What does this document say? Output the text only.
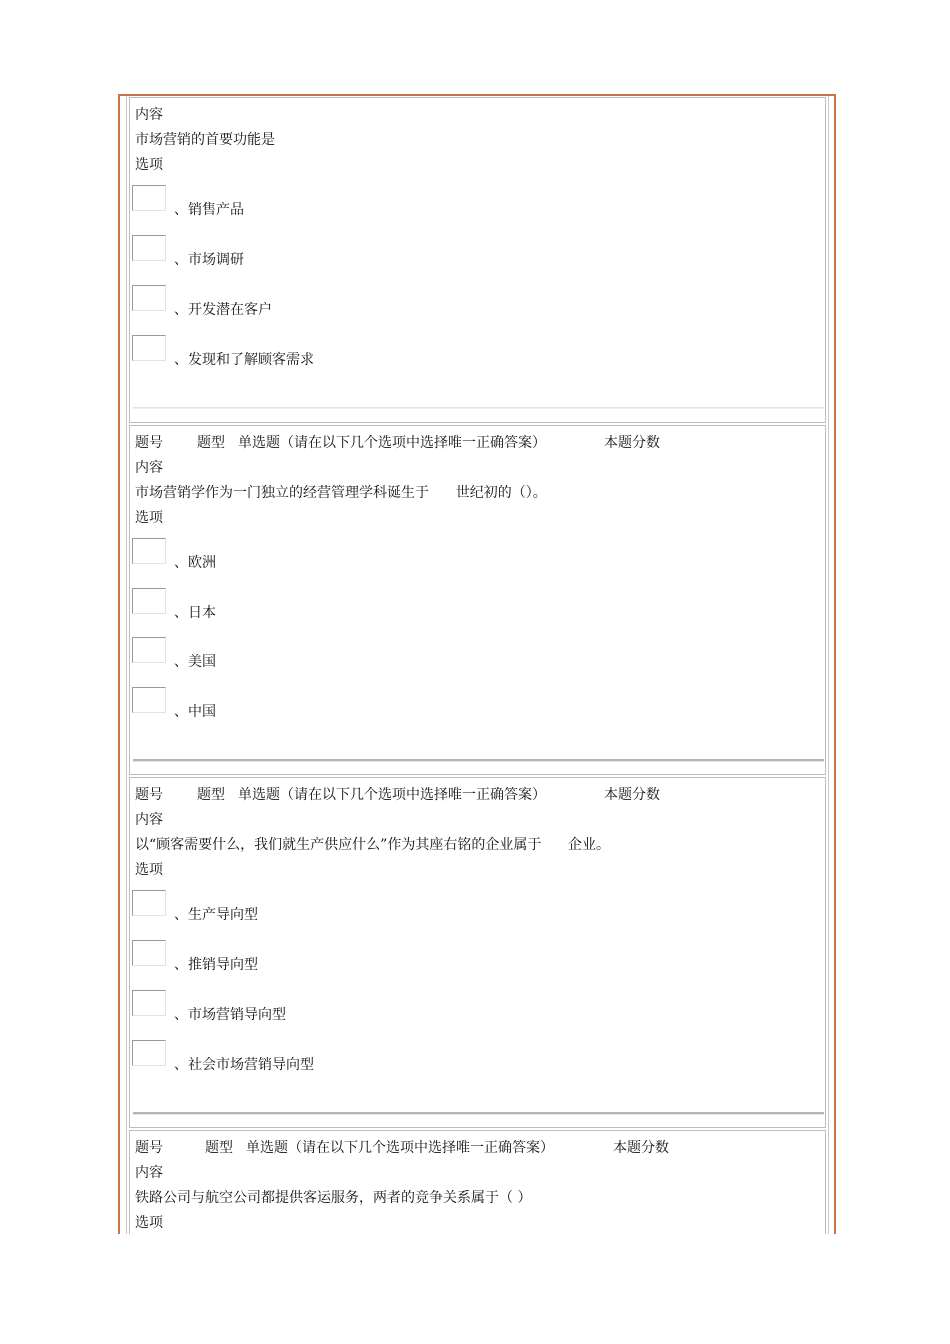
内容
市场营销的首要功能是
选项
、销售产品
、市场调研
、开发潜在客户
、发现和了解顾客需求
题号 题型 单选题（请在以下几个选项中选择唯一正确答案）	本题分数
内容
市场营销学作为一门独立的经营管理学科诞生于      世纪初的（）。
选项
、欧洲
、日本
、美国
、中国
题号 题型 单选题（请在以下几个选项中选择唯一正确答案）	本题分数
内容
以“顾客需要什么，我们就生产供应什么”作为其座右铭的企业属于      企业。
选项
、生产导向型
、推销导向型
、市场营销导向型
、社会市场营销导向型
题号	题型 单选题（请在以下几个选项中选择唯一正确答案）	本题分数
内容
铁路公司与航空公司都提供客运服务，两者的竞争关系属于（ ）
选项
